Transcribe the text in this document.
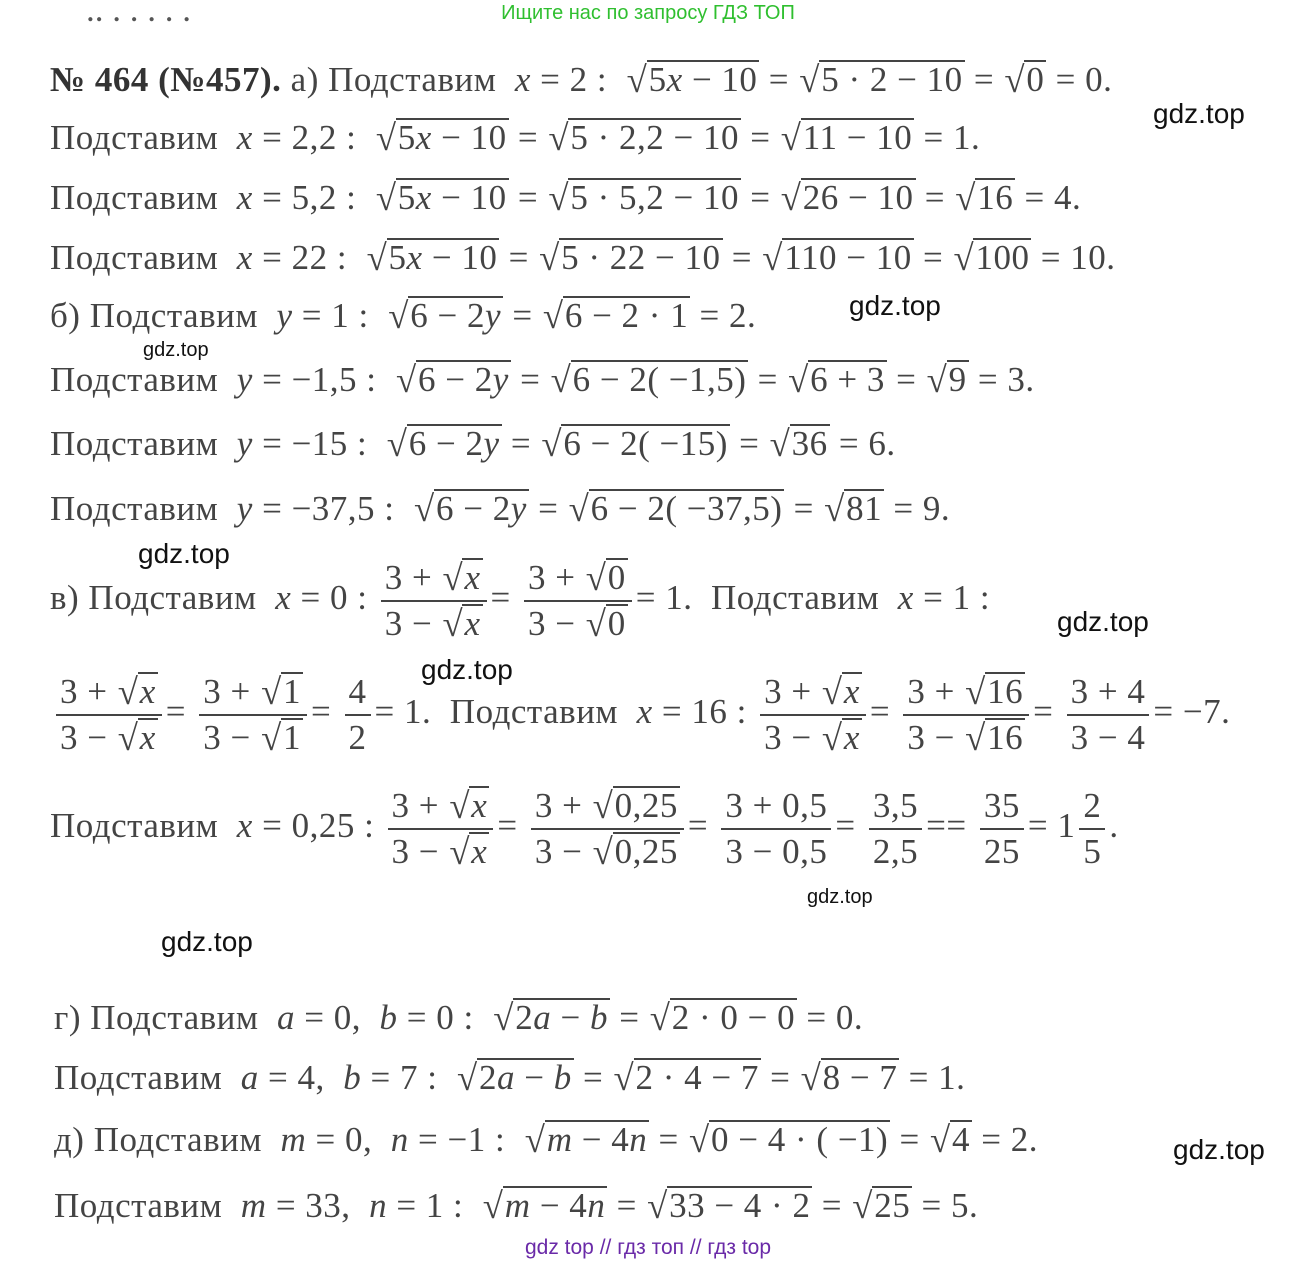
Ищите нас по запросу ГДЗ ТОП
.. . . . . .
gdz.top
gdz.top
gdz.top
gdz.top
gdz.top
gdz.top
gdz.top
gdz.top
gdz.top
№ 464 (№457). а) Подставим x = 2 :  √ 5x − 10 = √ 5 · 2 − 10 = √ 0 = 0.
Подставим x = 2,2 :  √ 5x − 10 = √ 5 · 2,2 − 10 = √ 11 − 10 = 1.
Подставим x = 5,2 :  √ 5x − 10 = √ 5 · 5,2 − 10 = √ 26 − 10 = √ 16 = 4.
Подставим x = 22 :  √ 5x − 10 = √ 5 · 22 − 10 = √ 110 − 10 = √ 100 = 10.
б) Подставим y = 1 :  √ 6 − 2y = √ 6 − 2 · 1 = 2.
Подставим y = −1,5 :  √ 6 − 2y = √ 6 − 2( −1,5) = √ 6 + 3 = √ 9 = 3.
Подставим y = −15 :  √ 6 − 2y = √ 6 − 2( −15) = √ 36 = 6.
Подставим y = −37,5 :  √ 6 − 2y = √ 6 − 2( −37,5) = √ 81 = 9.
в) Подставим x = 0 : $\frac{3 + √ x}{3 - √ x} = \frac{3 + √ 0}{3 - √ 0} = 1$.  Подставим x = 1 :
$\frac{3 + √ x}{3 - √ x} = \frac{3 + √ 1}{3 - √ 1} = \frac{4}{2} = 1$.  Подставим x = 16 : $\frac{3 + √ x}{3 - √ x} = \frac{3 + √ 16}{3 - √ 16} = \frac{3 + 4}{3 - 4} = -7$.
Подставим x = 0,25 : $\frac{3 + √ x}{3 - √ x} = \frac{3 + √ 0,25}{3 - √ 0,25} = \frac{3 + 0,5}{3 - 0,5} = \frac{3,5}{2,5} == \frac{35}{25} = 1 \frac{2}{5}$ .
г) Подставим a = 0,  b = 0 :  √ 2a − b = √ 2 · 0 − 0 = 0.
Подставим a = 4,  b = 7 :  √ 2a − b = √ 2 · 4 − 7 = √ 8 − 7 = 1.
д) Подставим m = 0,  n = −1 :  √ m − 4n = √ 0 − 4 · ( −1) = √ 4 = 2.
Подставим m = 33,  n = 1 :  √ m − 4n = √ 33 − 4 · 2 = √ 25 = 5.
gdz top // гдз топ // гдз top
